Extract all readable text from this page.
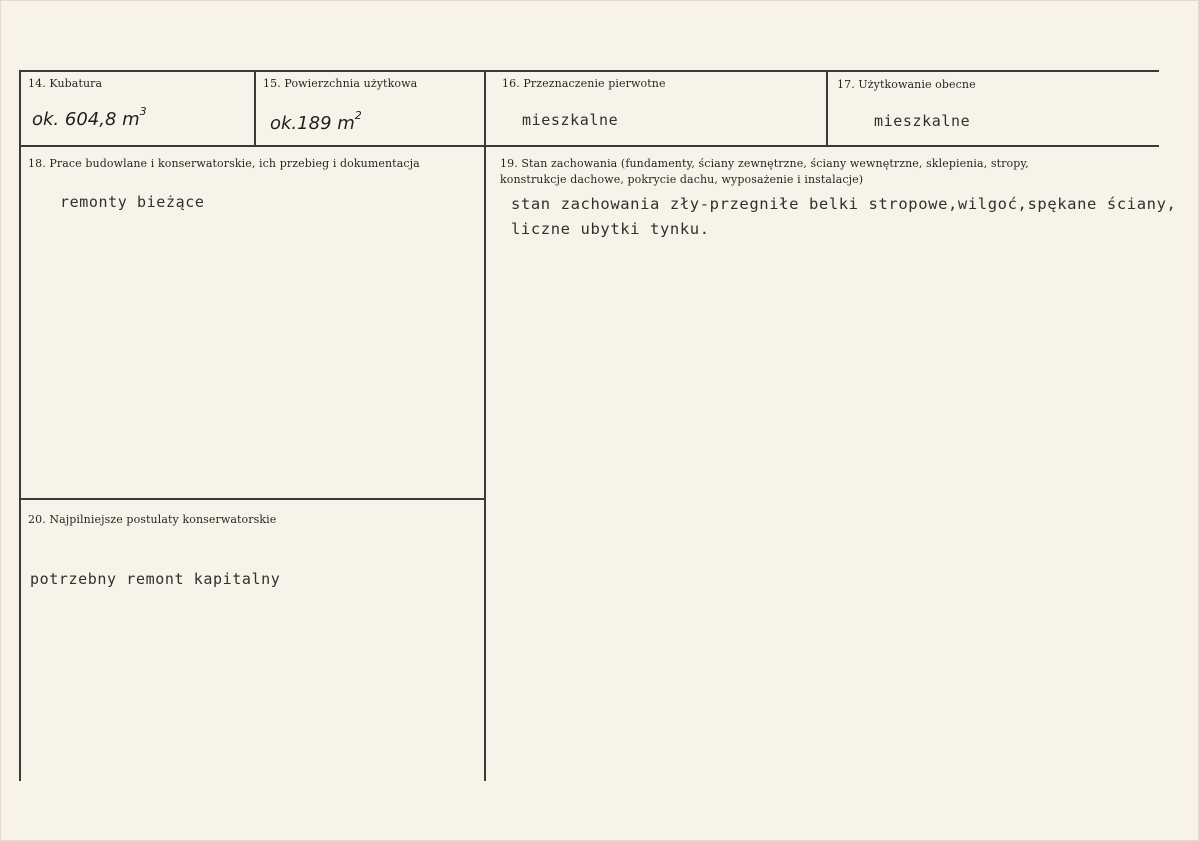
14. Kubatura
ok. 604,8 $m^3$
15. Powierzchnia użytkowa
ok.189 $m^2$
16. Przeznaczenie pierwotne
mieszkalne
17. Użytkowanie obecne
mieszkalne
18. Prace budowlane i konserwatorskie, ich przebieg i dokumentacja
remonty bieżące
19. Stan zachowania (fundamenty, ściany zewnętrzne, ściany wewnętrzne, sklepienia, stropy,
konstrukcje dachowe, pokrycie dachu, wyposażenie i instalacje)
stan zachowania zły-przegniłe belki stropowe,wilgoć,spękane ściany,
liczne ubytki tynku.
20. Najpilniejsze postulaty konserwatorskie
potrzebny remont kapitalny
